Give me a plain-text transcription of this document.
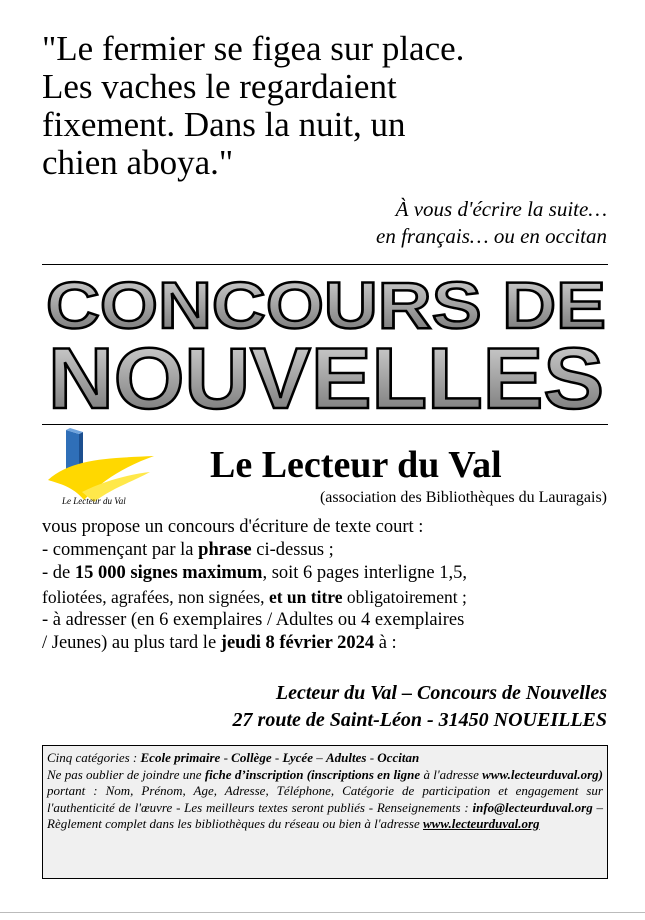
"Le fermier se figea sur place.
Les vaches le regardaient
fixement. Dans la nuit, un
chien aboya."
À vous d'écrire la suite…
en français… ou en occitan
CONCOURS DE
NOUVELLES
Le Lecteur du Val
Le Lecteur du Val
(association des Bibliothèques du Lauragais)
vous propose un concours d'écriture de texte court :
- commençant par la phrase ci-dessus ;
- de 15 000 signes maximum, soit 6 pages interligne 1,5,
foliotées, agrafées, non signées, et un titre obligatoirement ;
- à adresser (en 6 exemplaires / Adultes ou 4 exemplaires
/ Jeunes) au plus tard le jeudi 8 février 2024 à :
Lecteur du Val – Concours de Nouvelles
27 route de Saint-Léon - 31450 NOUEILLES
Cinq catégories : Ecole primaire - Collège - Lycée – Adultes - Occitan
Ne pas oublier de joindre une fiche d’inscription (inscriptions en ligne à l'adresse www.lecteurduval.org) portant : Nom, Prénom, Age, Adresse, Téléphone, Catégorie de participation et engagement sur l'authenticité de l'œuvre - Les meilleurs textes seront publiés - Renseignements : info@lecteurduval.org – Règlement complet dans les bibliothèques du réseau ou bien à l'adresse www.lecteurduval.org
